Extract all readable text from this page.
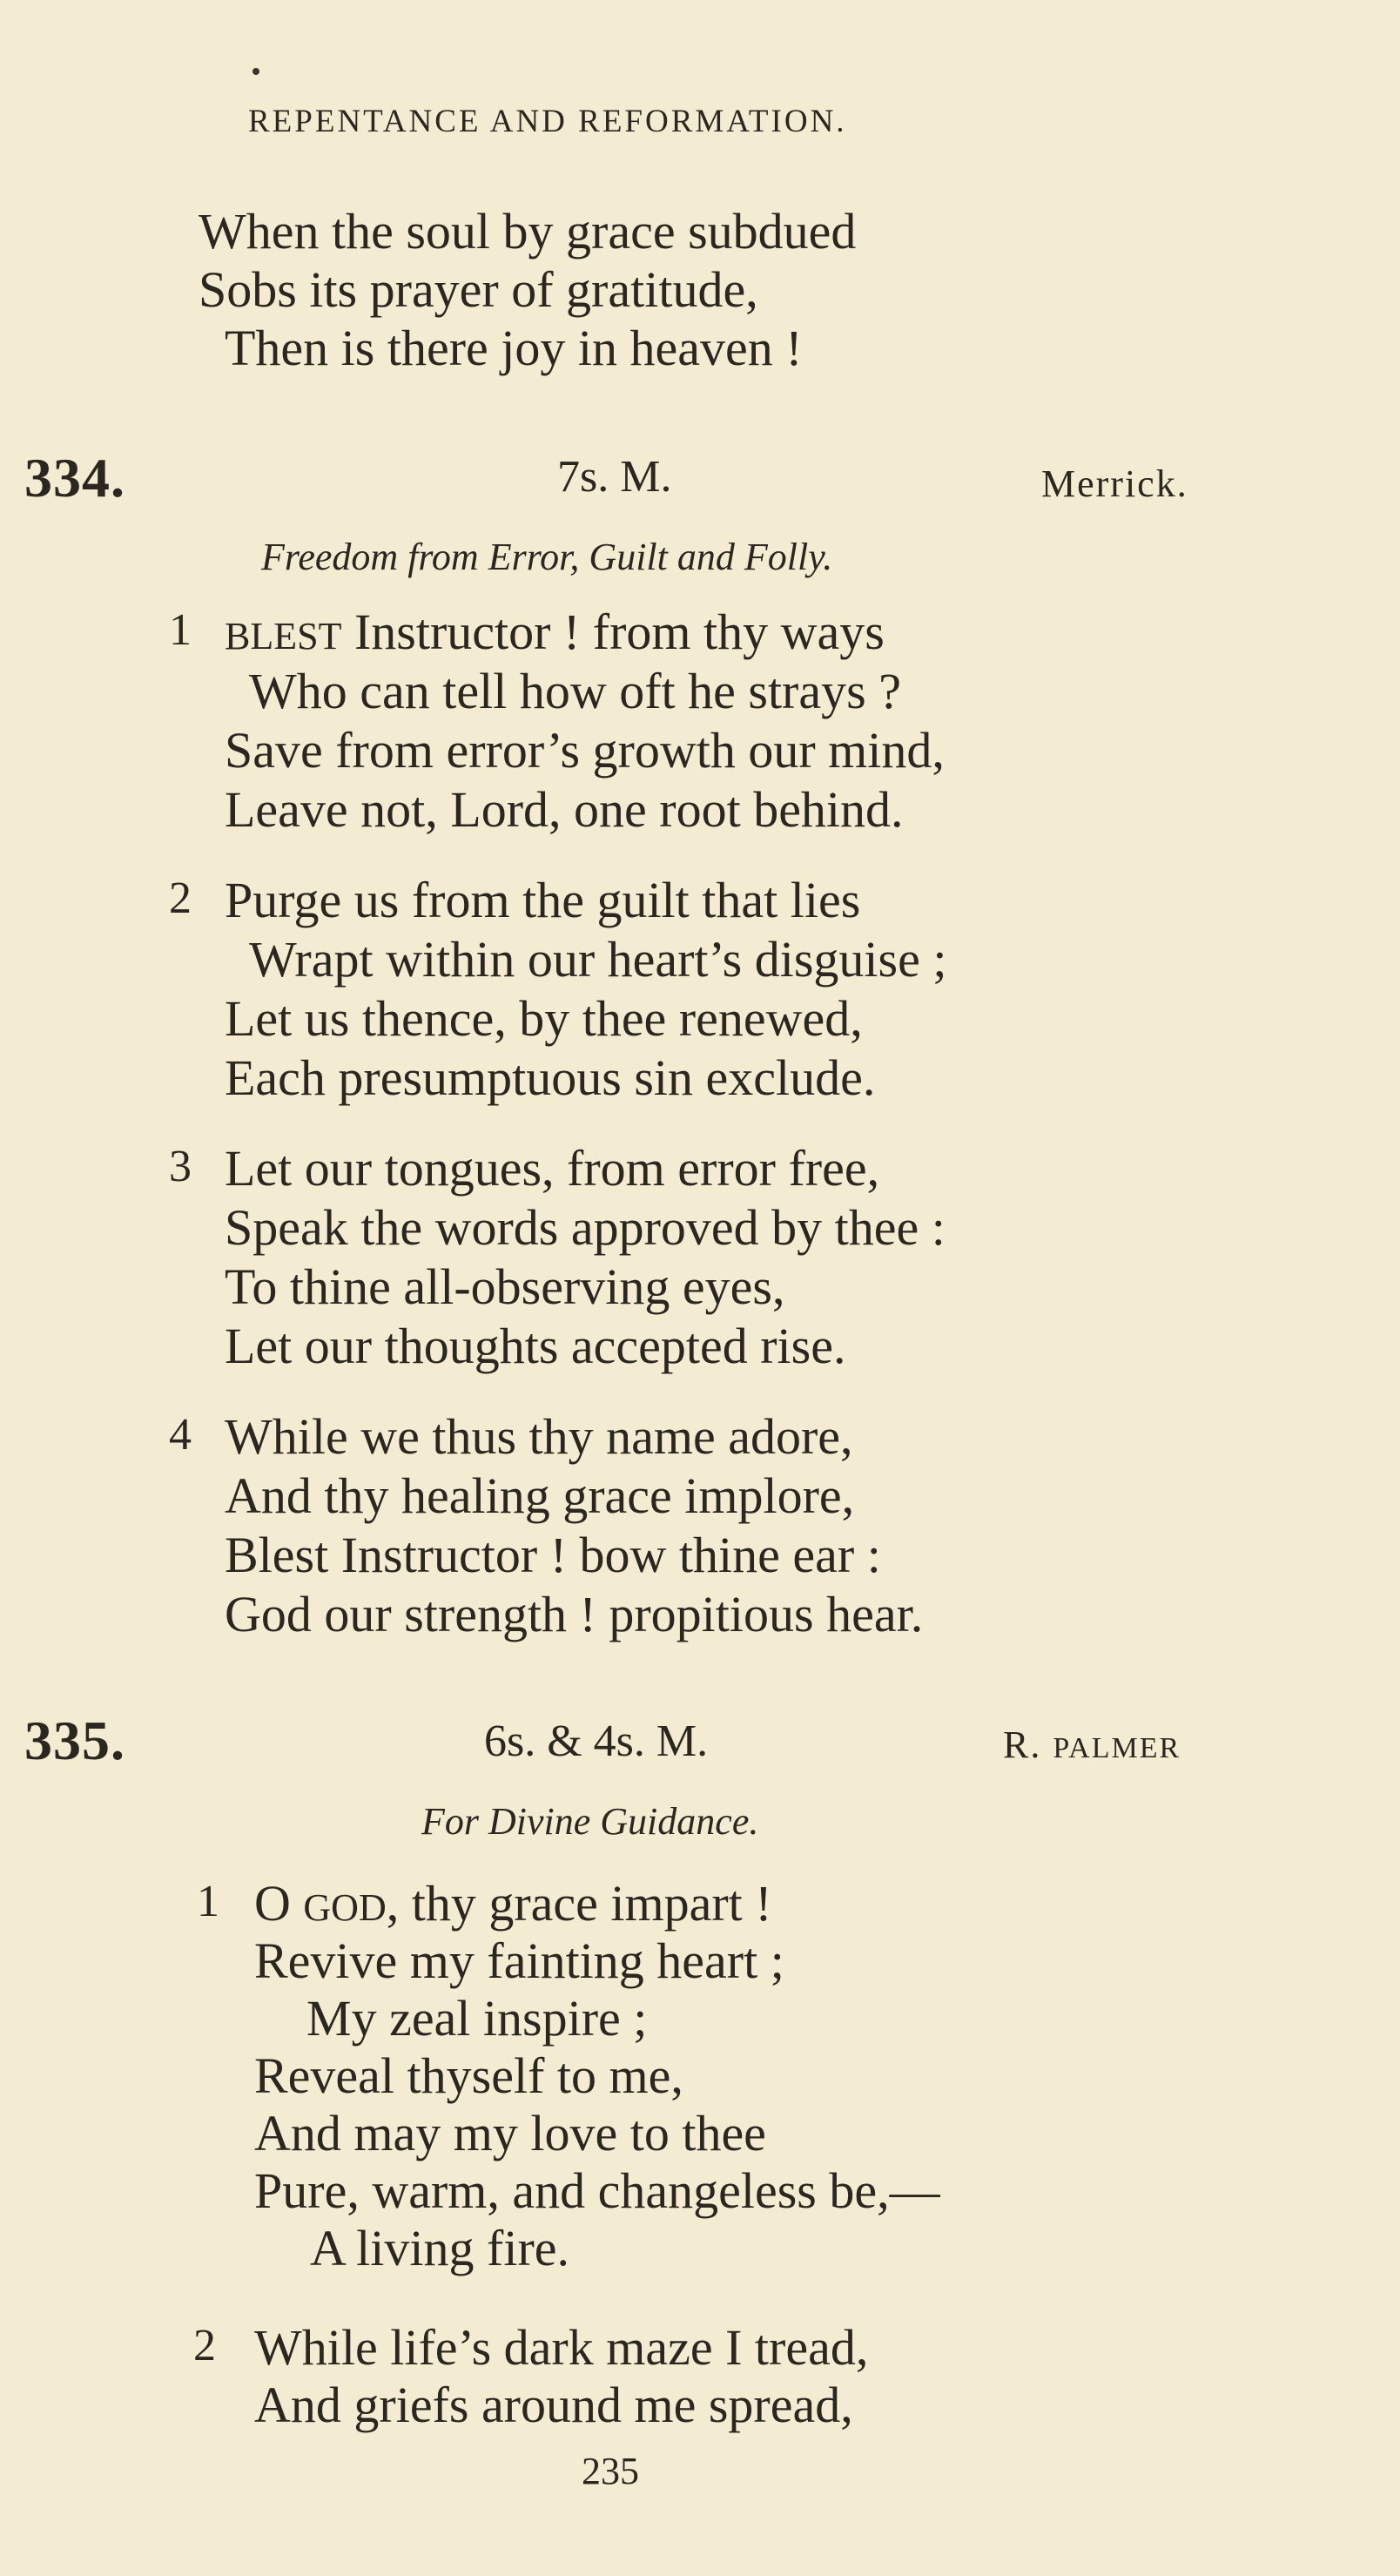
REPENTANCE AND REFORMATION.
When the soul by grace subdued
Sobs its prayer of gratitude,
Then is there joy in heaven !
334.	7s. M.	Merrick.
Freedom from Error, Guilt and Folly.
1 BLEST Instructor ! from thy ways
Who can tell how oft he strays ?
Save from error’s growth our mind,
Leave not, Lord, one root behind.
2 Purge us from the guilt that lies
Wrapt within our heart’s disguise ;
Let us thence, by thee renewed,
Each presumptuous sin exclude.
3 Let our tongues, from error free,
Speak the words approved by thee :
To thine all-observing eyes,
Let our thoughts accepted rise.
4 While we thus thy name adore,
And thy healing grace implore,
Blest Instructor ! bow thine ear :
God our strength ! propitious hear.
335.	6s. & 4s. M.	R. PALMER
For Divine Guidance.
1 O GOD, thy grace impart !
Revive my fainting heart ;
My zeal inspire ;
Reveal thyself to me,
And may my love to thee
Pure, warm, and changeless be,—
A living fire.
2 While life’s dark maze I tread,
And griefs around me spread,
235
